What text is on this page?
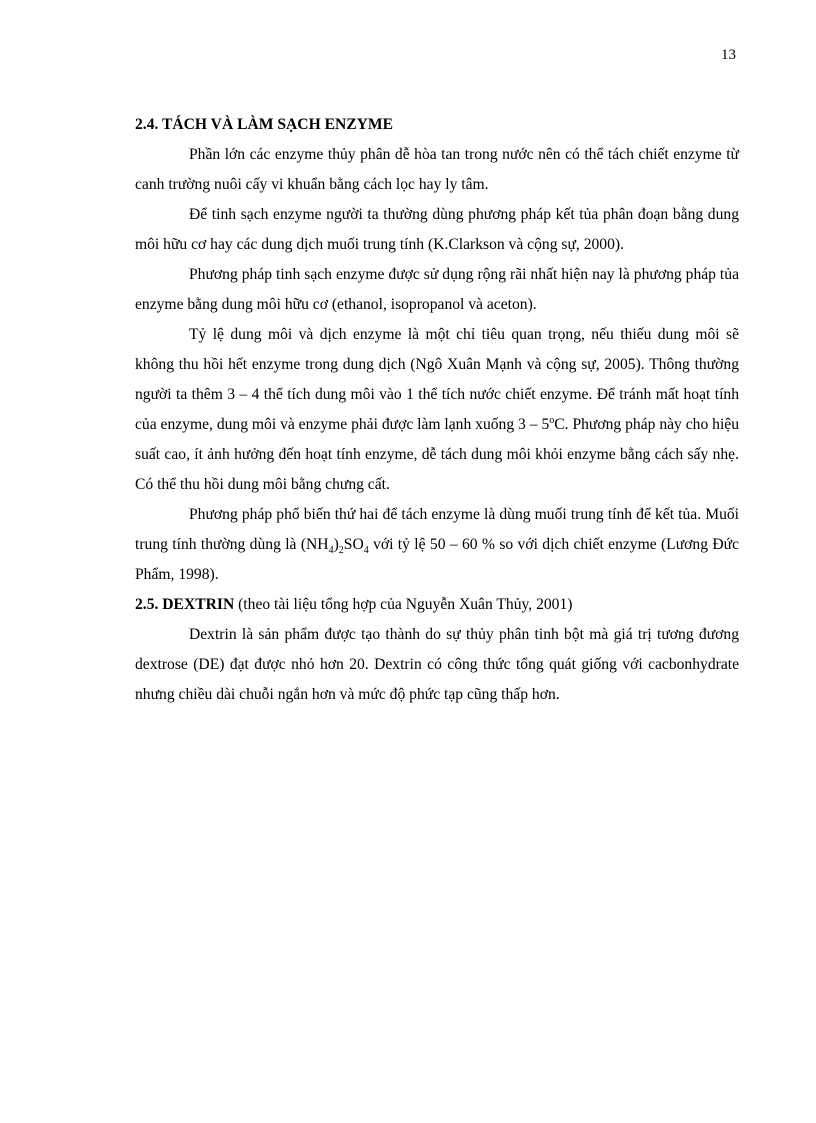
13

2.4. TÁCH VÀ LÀM SẠCH ENZYME

Phần lớn các enzyme thủy phân dễ hòa tan trong nước nên có thể tách chiết enzyme từ canh trường nuôi cấy vi khuẩn bằng cách lọc hay ly tâm.

Để tinh sạch enzyme người ta thường dùng phương pháp kết tủa phân đoạn bằng dung môi hữu cơ hay các dung dịch muối trung tính (K.Clarkson và cộng sự, 2000).

Phương pháp tinh sạch enzyme được sử dụng rộng rãi nhất hiện nay là phương pháp tủa enzyme bằng dung môi hữu cơ (ethanol, isopropanol và aceton).

Tỷ lệ dung môi và dịch enzyme là một chỉ tiêu quan trọng, nếu thiếu dung môi sẽ không thu hồi hết enzyme trong dung dịch (Ngô Xuân Mạnh và cộng sự, 2005). Thông thường người ta thêm 3 – 4 thể tích dung môi vào 1 thể tích nước chiết enzyme. Để tránh mất hoạt tính của enzyme, dung môi và enzyme phải được làm lạnh xuống 3 – 5$^o$C. Phương pháp này cho hiệu suất cao, ít ảnh hưởng đến hoạt tính enzyme, dễ tách dung môi khỏi enzyme bằng cách sấy nhẹ. Có thể thu hồi dung môi bằng chưng cất.

Phương pháp phổ biến thứ hai để tách enzyme là dùng muối trung tính để kết tủa. Muối trung tính thường dùng là $(NH_4)_2SO_4$ với tỷ lệ 50 – 60 % so với dịch chiết enzyme (Lương Đức Phẩm, 1998).

2.5. DEXTRIN (theo tài liệu tổng hợp của Nguyễn Xuân Thủy, 2001)

Dextrin là sản phẩm được tạo thành do sự thủy phân tinh bột mà giá trị tương đương dextrose (DE) đạt được nhỏ hơn 20. Dextrin có công thức tổng quát giống với cacbonhydrate nhưng chiều dài chuỗi ngắn hơn và mức độ phức tạp cũng thấp hơn.
